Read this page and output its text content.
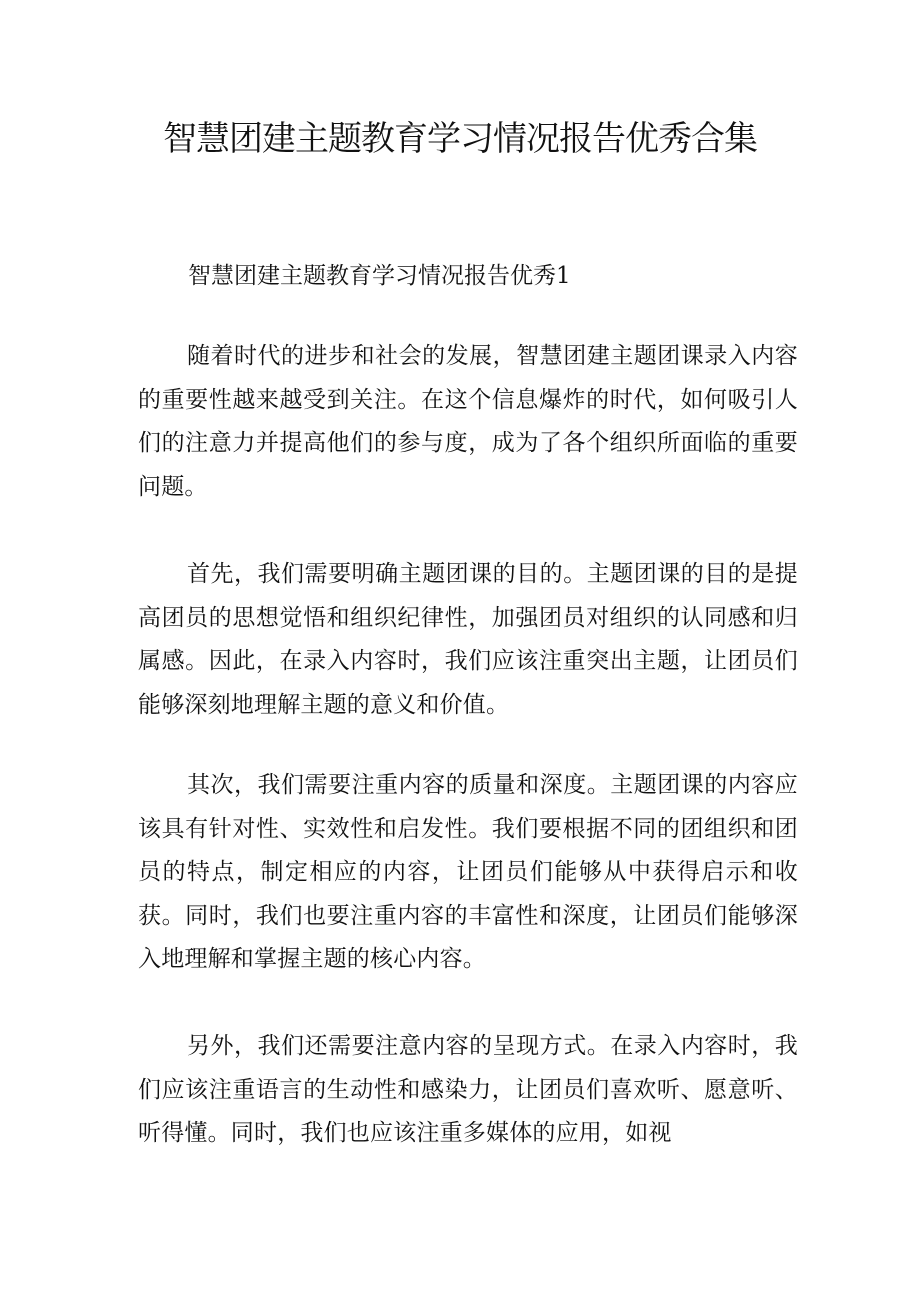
智慧团建主题教育学习情况报告优秀合集
智慧团建主题教育学习情况报告优秀1

随着时代的进步和社会的发展，智慧团建主题团课录入内容的重要性越来越受到关注。在这个信息爆炸的时代，如何吸引人们的注意力并提高他们的参与度，成为了各个组织所面临的重要问题。

首先，我们需要明确主题团课的目的。主题团课的目的是提高团员的思想觉悟和组织纪律性，加强团员对组织的认同感和归属感。因此，在录入内容时，我们应该注重突出主题，让团员们能够深刻地理解主题的意义和价值。

其次，我们需要注重内容的质量和深度。主题团课的内容应该具有针对性、实效性和启发性。我们要根据不同的团组织和团员的特点，制定相应的内容，让团员们能够从中获得启示和收获。同时，我们也要注重内容的丰富性和深度，让团员们能够深入地理解和掌握主题的核心内容。

另外，我们还需要注意内容的呈现方式。在录入内容时，我们应该注重语言的生动性和感染力，让团员们喜欢听、愿意听、听得懂。同时，我们也应该注重多媒体的应用，如视
